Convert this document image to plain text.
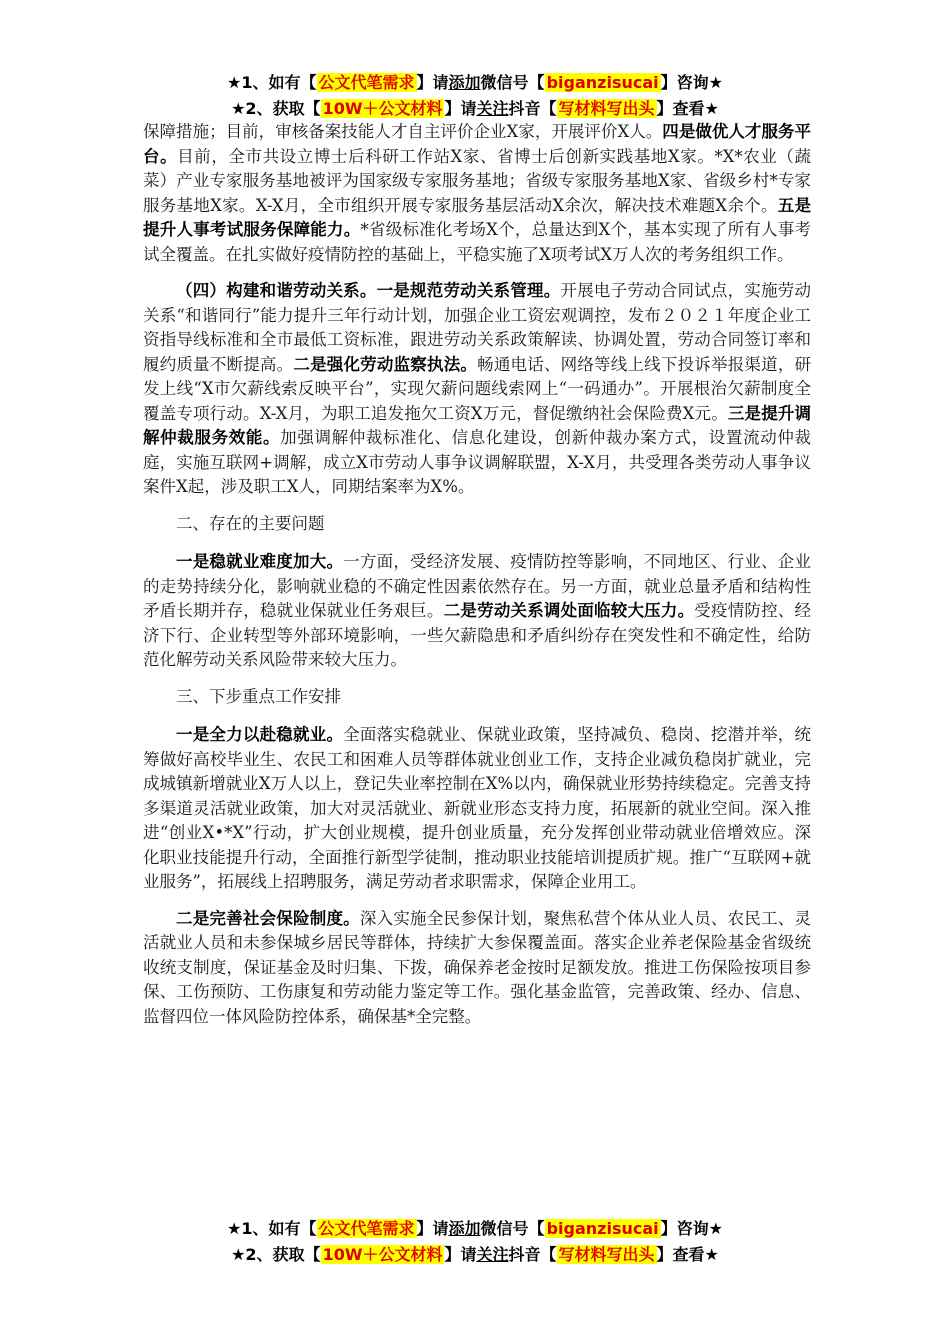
★1、如有【 公文代笔需求 】请添加微信号【 biganzisucai 】咨询★
★2、获取【 10W＋公文材料 】请关注抖音【 写材料写出头 】查看★

保障措施；目前，审核备案技能人才自主评价企业X家，开展评价X人。四是做优人才服务平台。目前，全市共设立博士后科研工作站X家、省博士后创新实践基地X家。*X*农业（蔬菜）产业专家服务基地被评为国家级专家服务基地；省级专家服务基地X家、省级乡村*专家服务基地X家。X-X月，全市组织开展专家服务基层活动X余次，解决技术难题X余个。五是提升人事考试服务保障能力。*省级标准化考场X个，总量达到X个，基本实现了所有人事考试全覆盖。在扎实做好疫情防控的基础上，平稳实施了X项考试X万人次的考务组织工作。

（四）构建和谐劳动关系。一是规范劳动关系管理。开展电子劳动合同试点，实施劳动关系“和谐同行”能力提升三年行动计划，加强企业工资宏观调控，发布２０２１年度企业工资指导线标准和全市最低工资标准，跟进劳动关系政策解读、协调处置，劳动合同签订率和履约质量不断提高。二是强化劳动监察执法。畅通电话、网络等线上线下投诉举报渠道，研发上线“X市欠薪线索反映平台”，实现欠薪问题线索网上“一码通办”。开展根治欠薪制度全覆盖专项行动。X-X月，为职工追发拖欠工资X万元，督促缴纳社会保险费X元。三是提升调解仲裁服务效能。加强调解仲裁标准化、信息化建设，创新仲裁办案方式，设置流动仲裁庭，实施互联网+调解，成立X市劳动人事争议调解联盟，X-X月，共受理各类劳动人事争议案件X起，涉及职工X人，同期结案率为X%。

二、存在的主要问题

一是稳就业难度加大。一方面，受经济发展、疫情防控等影响，不同地区、行业、企业的走势持续分化，影响就业稳的不确定性因素依然存在。另一方面，就业总量矛盾和结构性矛盾长期并存，稳就业保就业任务艰巨。二是劳动关系调处面临较大压力。受疫情防控、经济下行、企业转型等外部环境影响，一些欠薪隐患和矛盾纠纷存在突发性和不确定性，给防范化解劳动关系风险带来较大压力。

三、下步重点工作安排

一是全力以赴稳就业。全面落实稳就业、保就业政策，坚持减负、稳岗、挖潜并举，统筹做好高校毕业生、农民工和困难人员等群体就业创业工作，支持企业减负稳岗扩就业，完成城镇新增就业X万人以上，登记失业率控制在X%以内，确保就业形势持续稳定。完善支持多渠道灵活就业政策，加大对灵活就业、新就业形态支持力度，拓展新的就业空间。深入推进“创业X•*X”行动，扩大创业规模，提升创业质量，充分发挥创业带动就业倍增效应。深化职业技能提升行动，全面推行新型学徒制，推动职业技能培训提质扩规。推广“互联网+就业服务”，拓展线上招聘服务，满足劳动者求职需求，保障企业用工。

二是完善社会保险制度。深入实施全民参保计划，聚焦私营个体从业人员、农民工、灵活就业人员和未参保城乡居民等群体，持续扩大参保覆盖面。落实企业养老保险基金省级统收统支制度，保证基金及时归集、下拨，确保养老金按时足额发放。推进工伤保险按项目参保、工伤预防、工伤康复和劳动能力鉴定等工作。强化基金监管，完善政策、经办、信息、监督四位一体风险防控体系，确保基*全完整。

★1、如有【 公文代笔需求 】请添加微信号【 biganzisucai 】咨询★
★2、获取【 10W＋公文材料 】请关注抖音【 写材料写出头 】查看★
